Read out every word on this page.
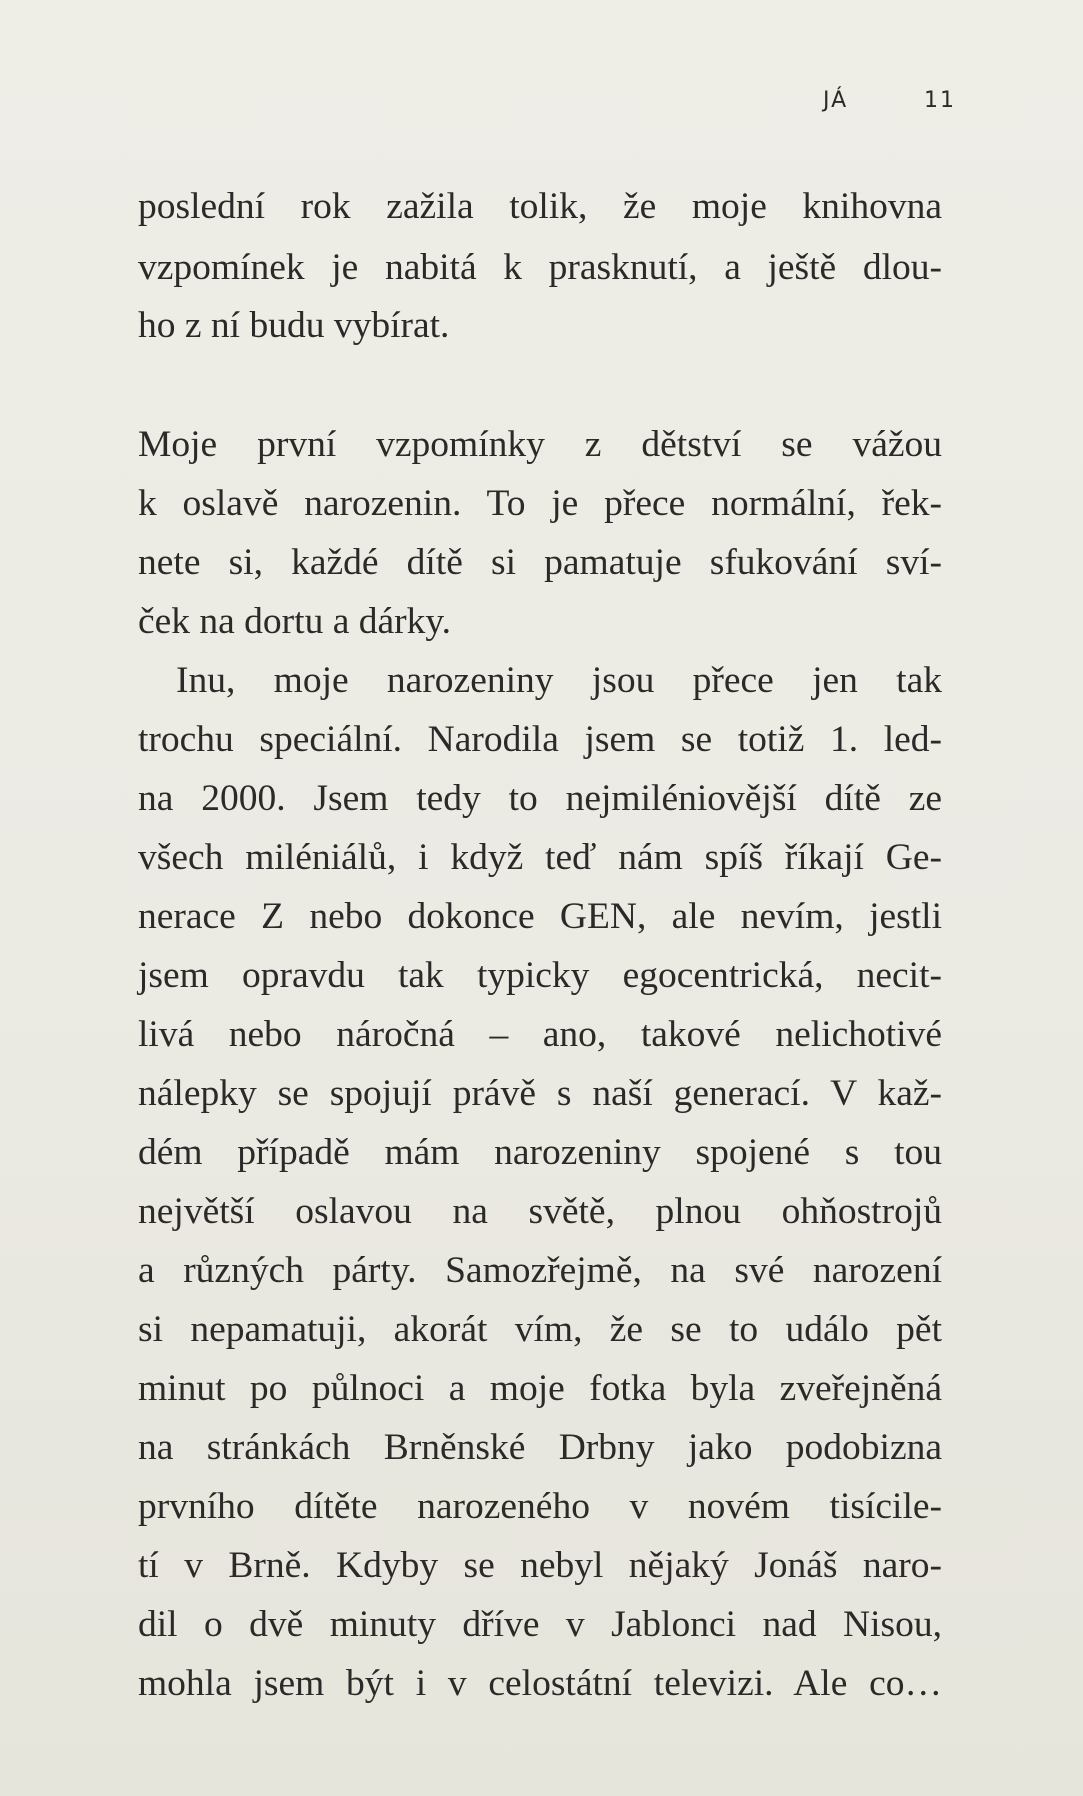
JÁ	11
poslední rok zažila tolik, že moje knihovna
vzpomínek je nabitá k prasknutí, a ještě dlou-
ho z ní budu vybírat.
Moje první vzpomínky z dětství se vážou
k oslavě narozenin. To je přece normální, řek-
nete si, každé dítě si pamatuje sfukování sví-
ček na dortu a dárky.
Inu, moje narozeniny jsou přece jen tak
trochu speciální. Narodila jsem se totiž 1. led-
na 2000. Jsem tedy to nejmiléniovější dítě ze
všech miléniálů, i když teď nám spíš říkají Ge-
nerace Z nebo dokonce GEN, ale nevím, jestli
jsem opravdu tak typicky egocentrická, necit-
livá nebo náročná – ano, takové nelichotivé
nálepky se spojují právě s naší generací. V kaž-
dém případě mám narozeniny spojené s tou
největší oslavou na světě, plnou ohňostrojů
a různých párty. Samozřejmě, na své narození
si nepamatuji, akorát vím, že se to událo pět
minut po půlnoci a moje fotka byla zveřejněná
na stránkách Brněnské Drbny jako podobizna
prvního dítěte narozeného v novém tisícile-
tí v Brně. Kdyby se nebyl nějaký Jonáš naro-
dil o dvě minuty dříve v Jablonci nad Nisou,
mohla jsem být i v celostátní televizi. Ale co…
